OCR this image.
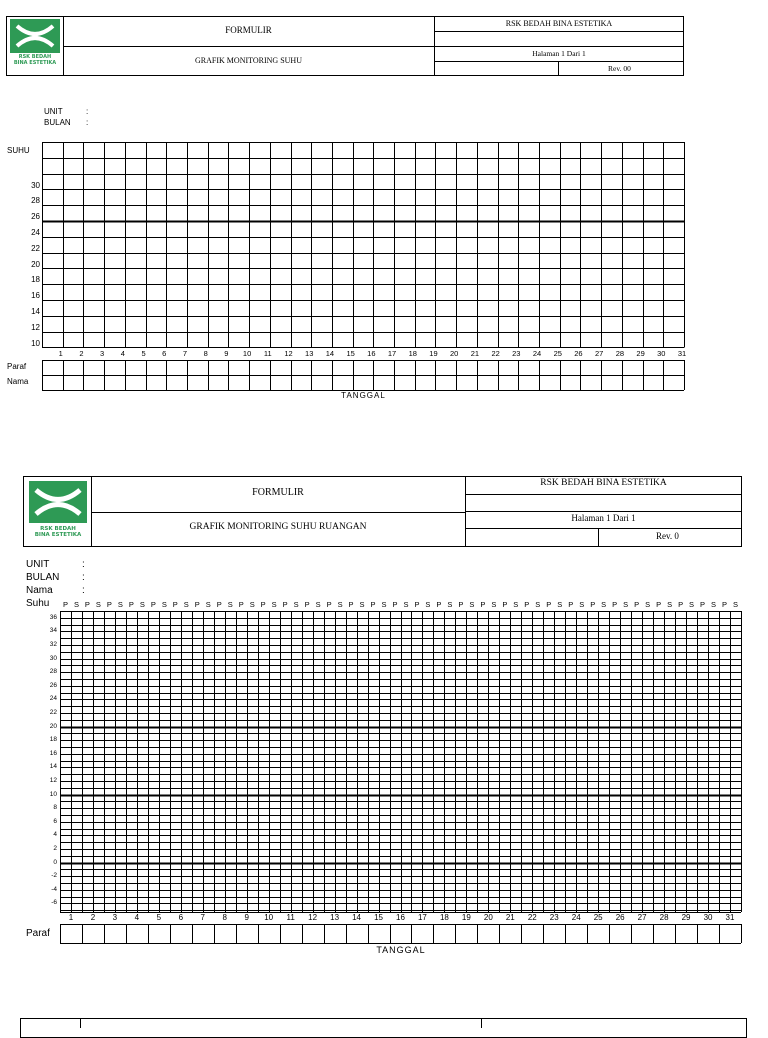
RSK BEDAH
BINA ESTETIKA
FORMULIR
GRAFIK MONITORING SUHU
RSK BEDAH BINA ESTETIKA
Halaman 1 Dari 1
Rev. 00
UNIT	:
BULAN :
SUHU
30
28
26
24
22
20
18
16
14
12
10
1	2	3	4	5	6	7	8	9	10 11 12 13 14 15 16 17 18 19 20 21 22 23 24 25 26 27 28 29 30 31
Paraf
Nama
TANGGAL
RSK BEDAH
BINA ESTETIKA
FORMULIR
GRAFIK MONITORING SUHU RUANGAN
RSK BEDAH BINA ESTETIKA
Halaman 1 Dari 1
Rev. 0
UNIT	:
BULAN :
Nama	:
Suhu	P S P S P S P S P S P S P S P S P S P S P S P S P S P S P S P S P S P S P S P S P S P S P S P S P S P S P S P S P S P S P S
36
34
32
30
28
26
24
22
20
18
16
14
12
10
8
6
4
2
0
-2
-4
-6
1	2	3	4	5	6	7	8	9	10	11	12	13	14	15	16	17	18	19	20	21	22	23	24	25	26	27	28	29	30	31
Paraf
TANGGAL
